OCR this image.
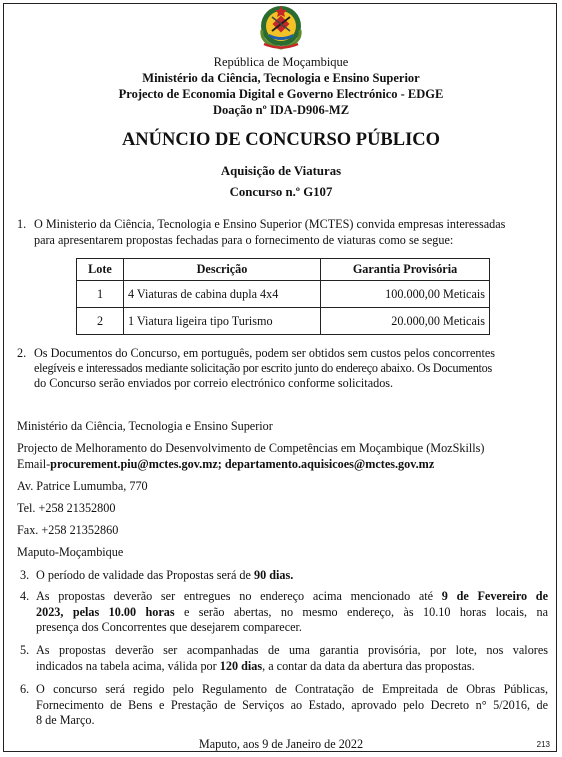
República de Moçambique
Ministério da Ciência, Tecnologia e Ensino Superior
Projecto de Economia Digital e Governo Electrónico - EDGE
Doação nº IDA-D906-MZ
ANÚNCIO DE CONCURSO PÚBLICO
Aquisição de Viaturas
Concurso n.º G107
1. O Ministerio da Ciência, Tecnologia e Ensino Superior (MCTES) convida empresas interessadas
para apresentarem propostas fechadas para o fornecimento de viaturas como se segue:
Lote	Descrição	Garantia Provisória
1	4 Viaturas de cabina dupla 4x4	100.000,00 Meticais
2	1 Viatura ligeira tipo Turismo	20.000,00 Meticais
2. Os Documentos do Concurso, em português, podem ser obtidos sem custos pelos concorrentes
elegíveis e interessados mediante solicitação por escrito junto do endereço abaixo. Os Documentos
do Concurso serão enviados por correio electrónico conforme solicitados.
Ministério da Ciência, Tecnologia e Ensino Superior
Projecto de Melhoramento do Desenvolvimento de Competências em Moçambique (MozSkills)
Email-procurement.piu@mctes.gov.mz; departamento.aquisicoes@mctes.gov.mz
Av. Patrice Lumumba, 770
Tel. +258 21352800
Fax. +258 21352860
Maputo-Moçambique
3. O período de validade das Propostas será de 90 dias.
4. As propostas deverão ser entregues no endereço acima mencionado até 9 de Fevereiro de
2023, pelas 10.00 horas e serão abertas, no mesmo endereço, às 10.10 horas locais, na
presença dos Concorrentes que desejarem comparecer.
5. As propostas deverão ser acompanhadas de uma garantia provisória, por lote, nos valores
indicados na tabela acima, válida por 120 dias, a contar da data da abertura das propostas.
6. O concurso será regido pelo Regulamento de Contratação de Empreitada de Obras Públicas,
Fornecimento de Bens e Prestação de Serviços ao Estado, aprovado pelo Decreto n° 5/2016, de
8 de Março.
Maputo, aos 9 de Janeiro de 2022	213
